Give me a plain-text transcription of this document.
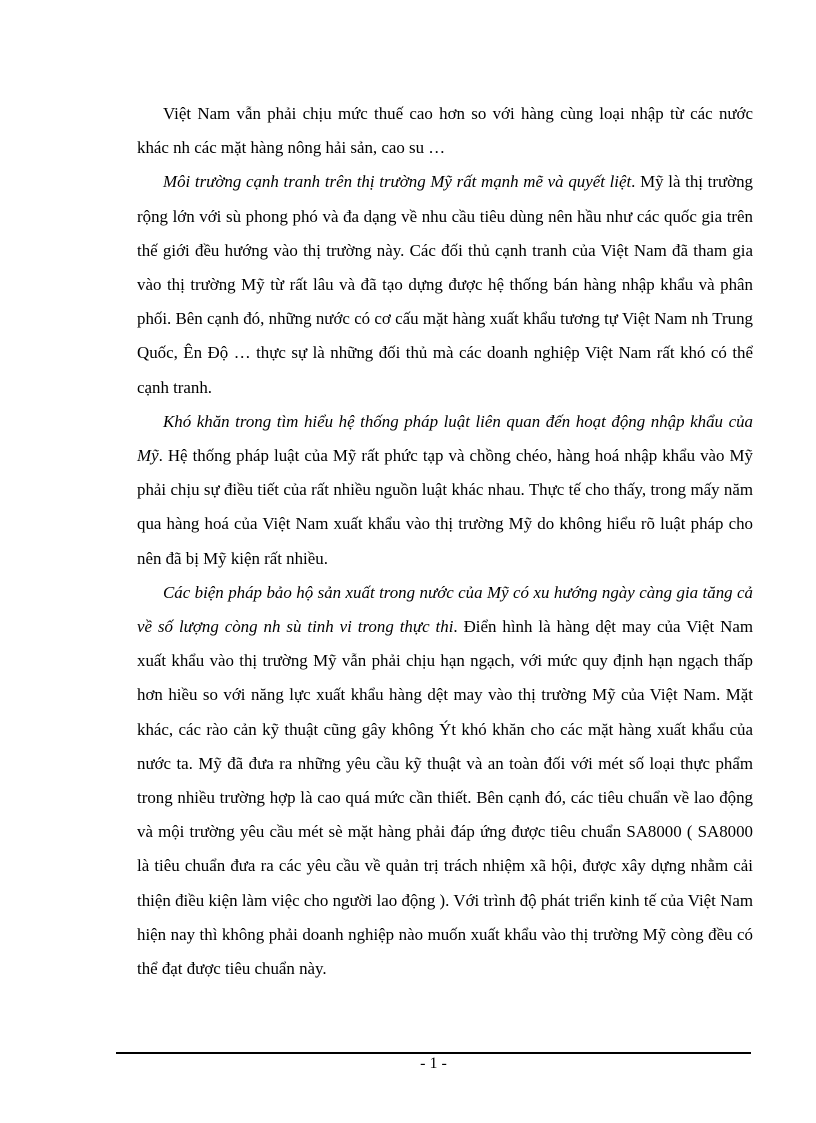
Việt Nam vẫn phải chịu mức thuế cao hơn so với hàng cùng loại nhập từ các nước khác nh các mặt hàng nông hải sản, cao su …

Môi trường cạnh tranh trên thị trường Mỹ rất mạnh mẽ và quyết liệt. Mỹ là thị trường rộng lớn với sù phong phó và đa dạng về nhu cầu tiêu dùng nên hầu như các quốc gia trên thế giới đều hướng vào thị trường này. Các đối thủ cạnh tranh của Việt Nam đã tham gia vào thị trường Mỹ từ rất lâu và đã tạo dựng được hệ thống bán hàng nhập khẩu và phân phối. Bên cạnh đó, những nước có cơ cấu mặt hàng xuất khẩu tương tự Việt Nam nh Trung Quốc, Ên Độ … thực sự là những đối thủ mà các doanh nghiệp Việt Nam rất khó có thể cạnh tranh.

Khó khăn trong tìm hiểu hệ thống pháp luật liên quan đến hoạt động nhập khẩu của Mỹ. Hệ thống pháp luật của Mỹ rất phức tạp và chồng chéo, hàng hoá nhập khẩu vào Mỹ phải chịu sự điều tiết của rất nhiều nguồn luật khác nhau. Thực tế cho thấy, trong mấy năm qua hàng hoá của Việt Nam xuất khẩu vào thị trường Mỹ do không hiểu rõ luật pháp cho nên đã bị Mỹ kiện rất nhiều.

Các biện pháp bảo hộ sản xuất trong nước của Mỹ có xu hướng ngày càng gia tăng cả về số lượng còng nh sù tinh vi trong thực thi. Điển hình là hàng dệt may của Việt Nam xuất khẩu vào thị trường Mỹ vẫn phải chịu hạn ngạch, với mức quy định hạn ngạch thấp hơn hiều so với năng lực xuất khẩu hàng dệt may vào thị trường Mỹ của Việt Nam. Mặt khác, các rào cản kỹ thuật cũng gây không Ýt khó khăn cho các mặt hàng xuất khẩu của nước ta. Mỹ đã đưa ra những yêu cầu kỹ thuật và an toàn đối với mét số loại thực phẩm trong nhiều trường hợp là cao quá mức cần thiết. Bên cạnh đó, các tiêu chuẩn về lao động và mội trường yêu cầu mét sè mặt hàng phải đáp ứng được tiêu chuẩn SA8000 ( SA8000 là tiêu chuẩn đưa ra các yêu cầu về quản trị trách nhiệm xã hội, được xây dựng nhằm cải thiện điều kiện làm việc cho người lao động ). Với trình độ phát triển kinh tế của Việt Nam hiện nay thì không phải doanh nghiệp nào muốn xuất khẩu vào thị trường Mỹ còng đều có thể đạt được tiêu chuẩn này.

- 1 -
